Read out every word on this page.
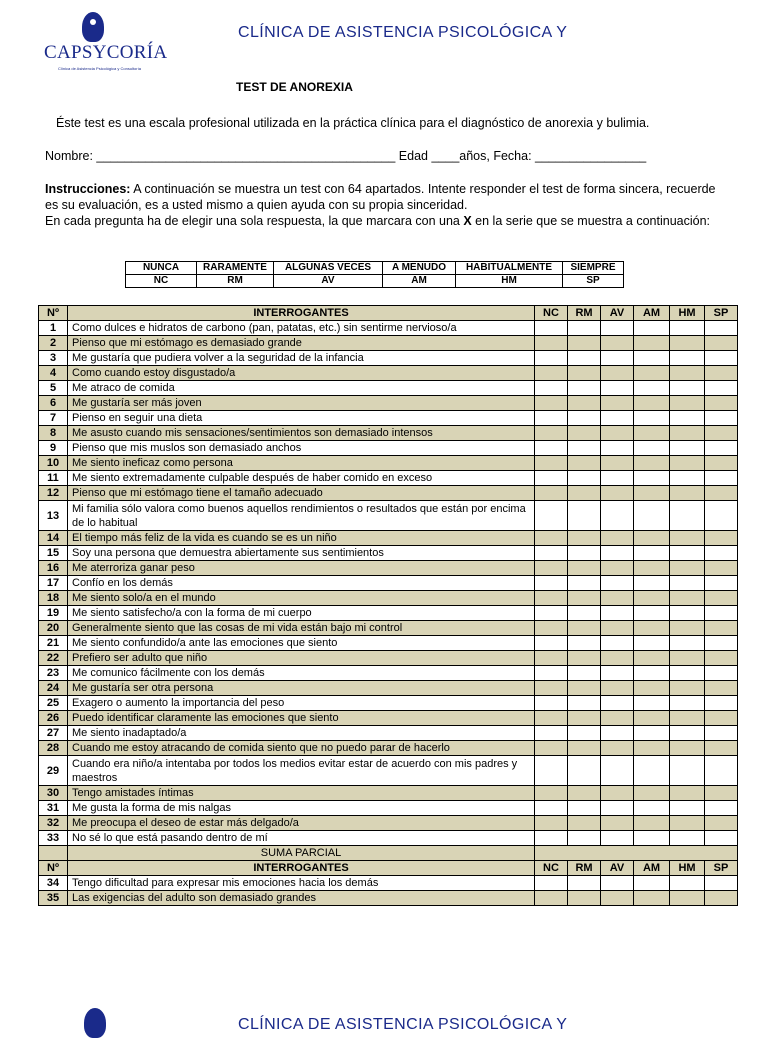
CAPSYCORÍA
Clínica de Asistencia Psicológica y Consultoría
CLÍNICA DE ASISTENCIA PSICOLÓGICA Y
TEST DE ANOREXIA
Éste test es una escala profesional utilizada en la práctica clínica para el diagnóstico de anorexia y bulimia.
Nombre: ___________________________________________ Edad ____años, Fecha: ________________
Instrucciones: A continuación se muestra un test con 64 apartados. Intente responder el test de forma sincera, recuerde es su evaluación, es a usted mismo a quien ayuda con su propia sinceridad.
En cada pregunta ha de elegir una sola respuesta, la que marcara con una X en la serie que se muestra a continuación:
NUNCA	RARAMENTE	ALGUNAS VECES	A MENUDO	HABITUALMENTE	SIEMPRE
NC	RM	AV	AM	HM	SP
Nº	INTERROGANTES	NC	RM	AV	AM	HM	SP
1	Como dulces e hidratos de carbono (pan, patatas, etc.) sin sentirme nervioso/a						
2	Pienso que mi estómago es demasiado grande						
3	Me gustaría que pudiera volver a la seguridad de la infancia						
4	Como cuando estoy disgustado/a						
5	Me atraco de comida						
6	Me gustaría ser más joven						
7	Pienso en seguir una dieta						
8	Me asusto cuando mis sensaciones/sentimientos son demasiado intensos						
9	Pienso que mis muslos son demasiado anchos						
10	Me siento ineficaz como persona						
11	Me siento extremadamente culpable después de haber comido en exceso						
12	Pienso que mi estómago tiene el tamaño adecuado						
13	Mi familia sólo valora como buenos aquellos rendimientos o resultados que están por encima de lo habitual						
14	El tiempo más feliz de la vida es cuando se es un niño						
15	Soy una persona que demuestra abiertamente sus sentimientos						
16	Me aterroriza ganar peso						
17	Confío en los demás						
18	Me siento solo/a en el mundo						
19	Me siento satisfecho/a con la forma de mi cuerpo						
20	Generalmente siento que las cosas de mi vida están bajo mi control						
21	Me siento confundido/a ante las emociones que siento						
22	Prefiero ser adulto que niño						
23	Me comunico fácilmente con los demás						
24	Me gustaría ser otra persona						
25	Exagero o aumento la importancia del peso						
26	Puedo identificar claramente las emociones que siento						
27	Me siento inadaptado/a						
28	Cuando me estoy atracando de comida siento que no puedo parar de hacerlo						
29	Cuando era niño/a intentaba por todos los medios evitar estar de acuerdo con mis padres y maestros						
30	Tengo amistades íntimas						
31	Me gusta la forma de mis nalgas						
32	Me preocupa el deseo de estar más delgado/a						
33	No sé lo que está pasando dentro de mí						
	SUMA PARCIAL						
Nº	INTERROGANTES	NC	RM	AV	AM	HM	SP
34	Tengo dificultad para expresar mis emociones hacia los demás						
35	Las exigencias del adulto son demasiado grandes						
CLÍNICA DE ASISTENCIA PSICOLÓGICA Y
